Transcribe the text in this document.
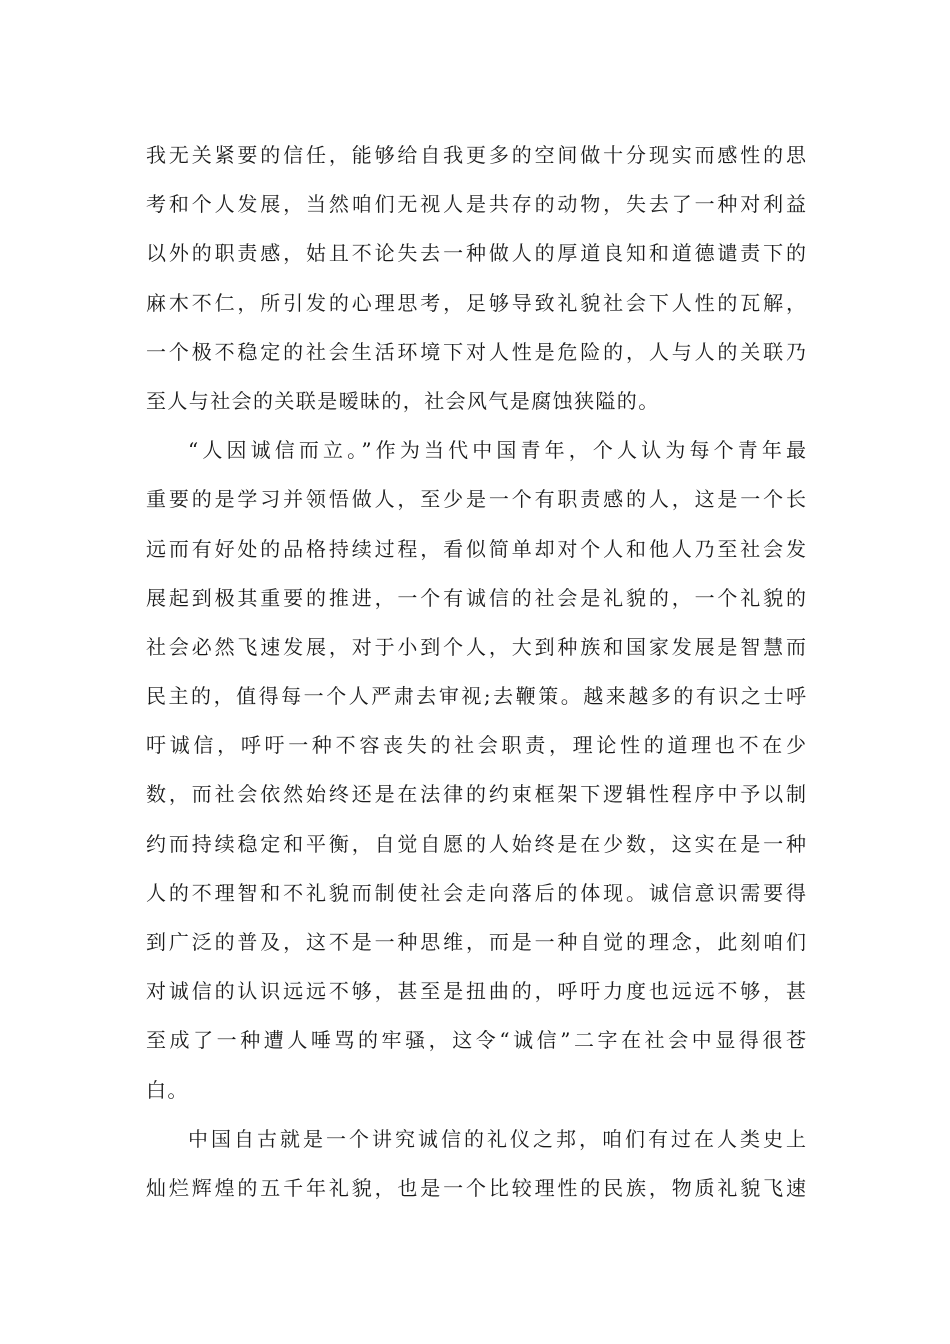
我无关紧要的信任，能够给自我更多的空间做十分现实而感性的思
考和个人发展，当然咱们无视人是共存的动物，失去了一种对利益
以外的职责感，姑且不论失去一种做人的厚道良知和道德谴责下的
麻木不仁，所引发的心理思考，足够导致礼貌社会下人性的瓦解，
一个极不稳定的社会生活环境下对人性是危险的，人与人的关联乃
至人与社会的关联是暧昧的，社会风气是腐蚀狭隘的。
“人因诚信而立。”作为当代中国青年，个人认为每个青年最
重要的是学习并领悟做人，至少是一个有职责感的人，这是一个长
远而有好处的品格持续过程，看似简单却对个人和他人乃至社会发
展起到极其重要的推进，一个有诚信的社会是礼貌的，一个礼貌的
社会必然飞速发展，对于小到个人，大到种族和国家发展是智慧而
民主的，值得每一个人严肃去审视;去鞭策。越来越多的有识之士呼
吁诚信，呼吁一种不容丧失的社会职责，理论性的道理也不在少
数，而社会依然始终还是在法律的约束框架下逻辑性程序中予以制
约而持续稳定和平衡，自觉自愿的人始终是在少数，这实在是一种
人的不理智和不礼貌而制使社会走向落后的体现。诚信意识需要得
到广泛的普及，这不是一种思维，而是一种自觉的理念，此刻咱们
对诚信的认识远远不够，甚至是扭曲的，呼吁力度也远远不够，甚
至成了一种遭人唾骂的牢骚，这令“诚信”二字在社会中显得很苍
白。
中国自古就是一个讲究诚信的礼仪之邦，咱们有过在人类史上
灿烂辉煌的五千年礼貌，也是一个比较理性的民族，物质礼貌飞速
